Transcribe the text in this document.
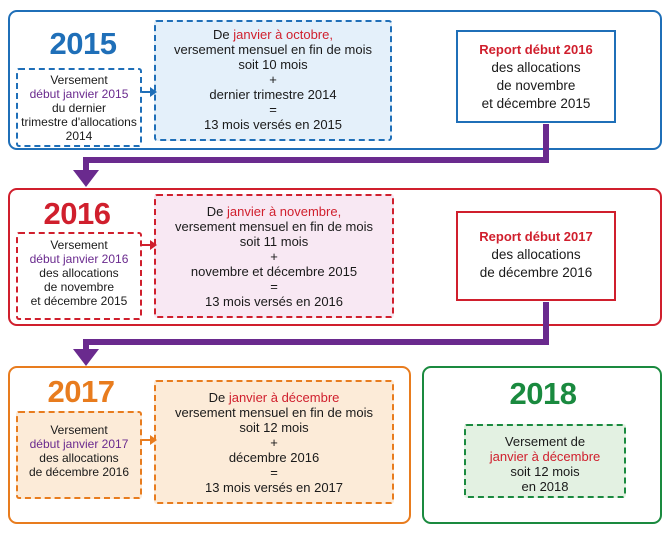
2015
Versement
début janvier 2015
du dernier
trimestre d'allocations
2014
De janvier à octobre,
versement mensuel en fin de mois
soit 10 mois
+
dernier trimestre 2014
=
13 mois versés en 2015
Report début 2016
des allocations
de novembre
et décembre 2015
2016
Versement
début janvier 2016
des allocations
de novembre
et décembre 2015
De janvier à novembre,
versement mensuel en fin de mois
soit 11 mois
+
novembre et décembre 2015
=
13 mois versés en 2016
Report début 2017
des allocations
de décembre 2016
2017
Versement
début janvier 2017
des allocations
de décembre 2016
De janvier à décembre
versement mensuel en fin de mois
soit 12 mois
+
décembre 2016
=
13 mois versés en 2017
2018
Versement de
janvier à décembre
soit 12 mois
en 2018
